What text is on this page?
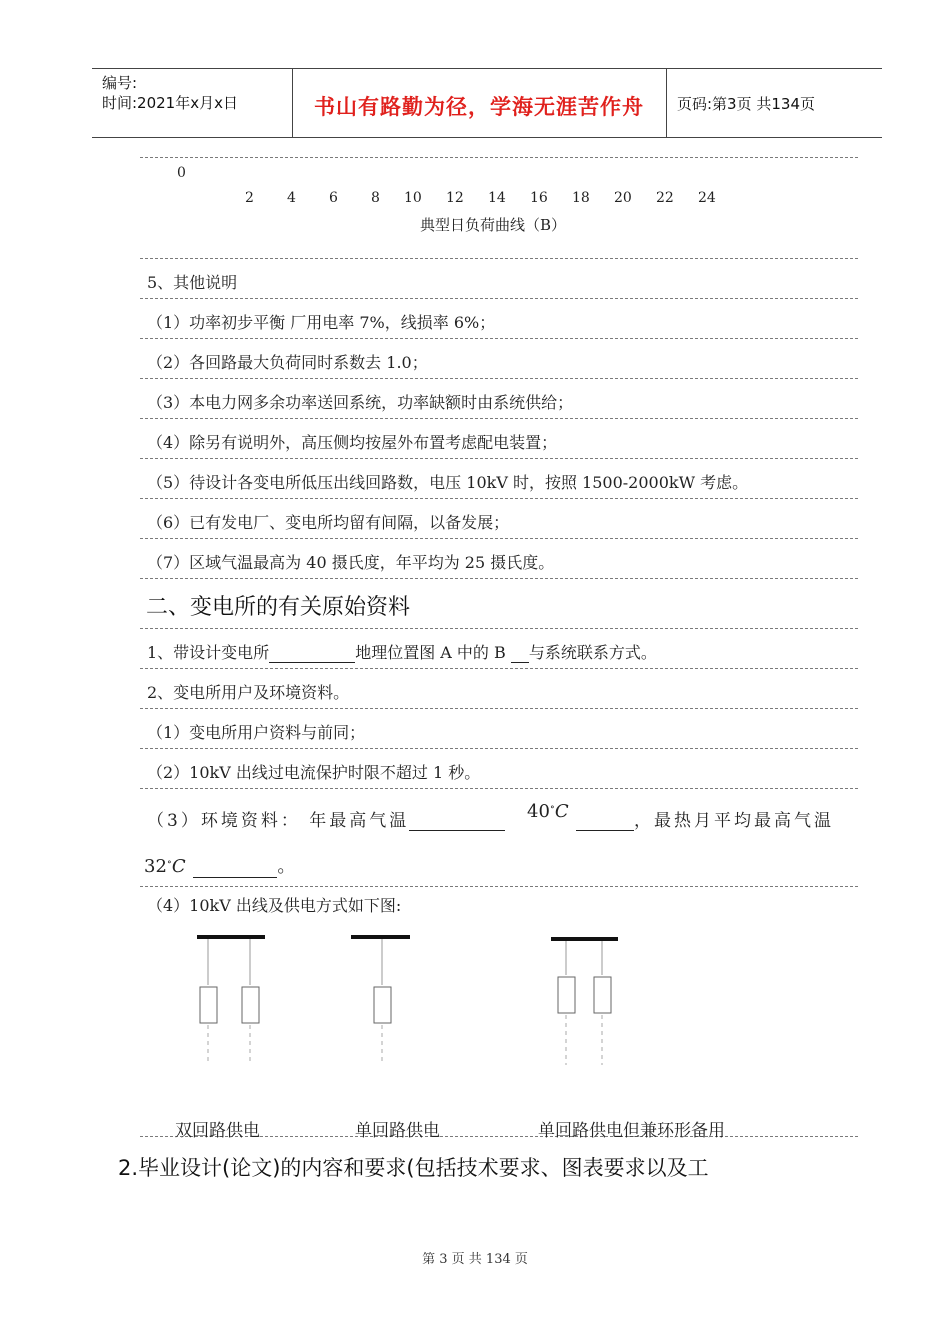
编号:
时间:2021年x月x日	书山有路勤为径，学海无涯苦作舟	页码:第3页 共134页
0
2 4 6 8 10 12 14 16 18 20 22 24
典型日负荷曲线（B）
5、其他说明
（1）功率初步平衡 厂用电率 7%，线损率 6%；
（2）各回路最大负荷同时系数去 1.0；
（3）本电力网多余功率送回系统，功率缺额时由系统供给；
（4）除另有说明外，高压侧均按屋外布置考虑配电装置；
（5）待设计各变电所低压出线回路数，电压 10kV 时，按照 1500-2000kW 考虑。
（6）已有发电厂、变电所均留有间隔，以备发展；
（7）区域气温最高为 40 摄氏度，年平均为 25 摄氏度。
二、变电所的有关原始资料
1、带设计变电所	地理位置图 A 中的 B 与系统联系方式。
2、变电所用户及环境资料。
（1）变电所用户资料与前同；
（2）10kV 出线过电流保护时限不超过 1 秒。
（3）环境资料： 年最高气温	40∘C	，最热月平均最高气温
32∘C	。
（4）10kV 出线及供电方式如下图:
双回路供电	单回路供电	单回路供电但兼环形备用
2.毕业设计(论文)的内容和要求(包括技术要求、图表要求以及工
第 3 页 共 134 页
